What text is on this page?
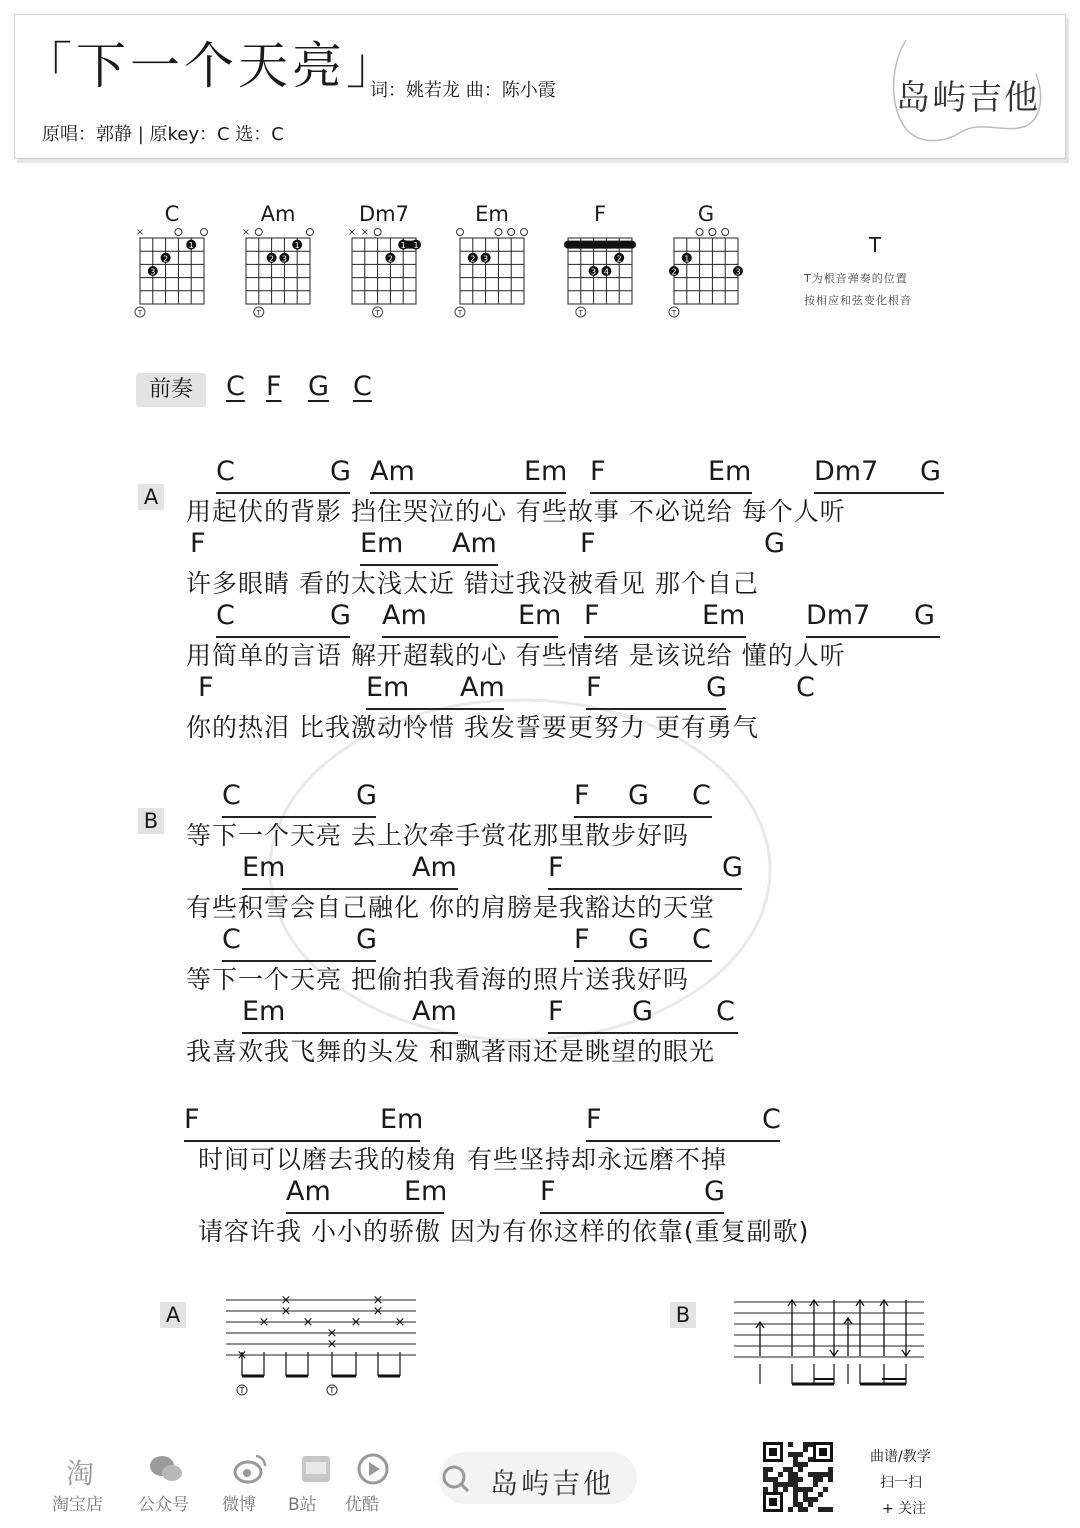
「下一个天亮」
词：姚若龙 曲：陈小霞
原唱：郭静 | 原key：C 选：C
岛屿吉他
C
×
3
2
1
T
Am
×
2 3
1
T
Dm7
× ×
2
1 1
T
Em
2 3
T
F
3 4
2
T
G
2
1
3
T
T
T为根音弹奏的位置
按相应和弦变化根音
前奏	C F G C
A
B
C	G Am	Em F	Em Dm7 G
用起伏的背影 挡住哭泣的心 有些故事 不必说给 每个人听
F	Em Am	F	G
许多眼睛 看的太浅太近 错过我没被看见 那个自己
C	G Am	Em F	Em Dm7 G
用简单的言语 解开超载的心 有些情绪 是该说给 懂的人听
F	Em Am	F	G	C
你的热泪 比我激动怜惜 我发誓要更努力 更有勇气
C	G	F G C
等下一个天亮 去上次牵手赏花那里散步好吗
Em	Am	F	G
有些积雪会自己融化 你的肩膀是我豁达的天堂
C	G	F G C
等下一个天亮 把偷拍我看海的照片送我好吗
Em	Am	F	G C
我喜欢我飞舞的头发 和飘著雨还是眺望的眼光
F	Em	F	C
时间可以磨去我的棱角 有些坚持却永远磨不掉
Am	Em	F	G
请容许我 小小的骄傲 因为有你这样的依靠(重复副歌)
A	B
×
×
×	×
×
×
×
×	×
×
×
T	T
淘
淘宝店 公众号 微博 B站 优酷
岛屿吉他
曲谱/教学
扫一扫
+ 关注
